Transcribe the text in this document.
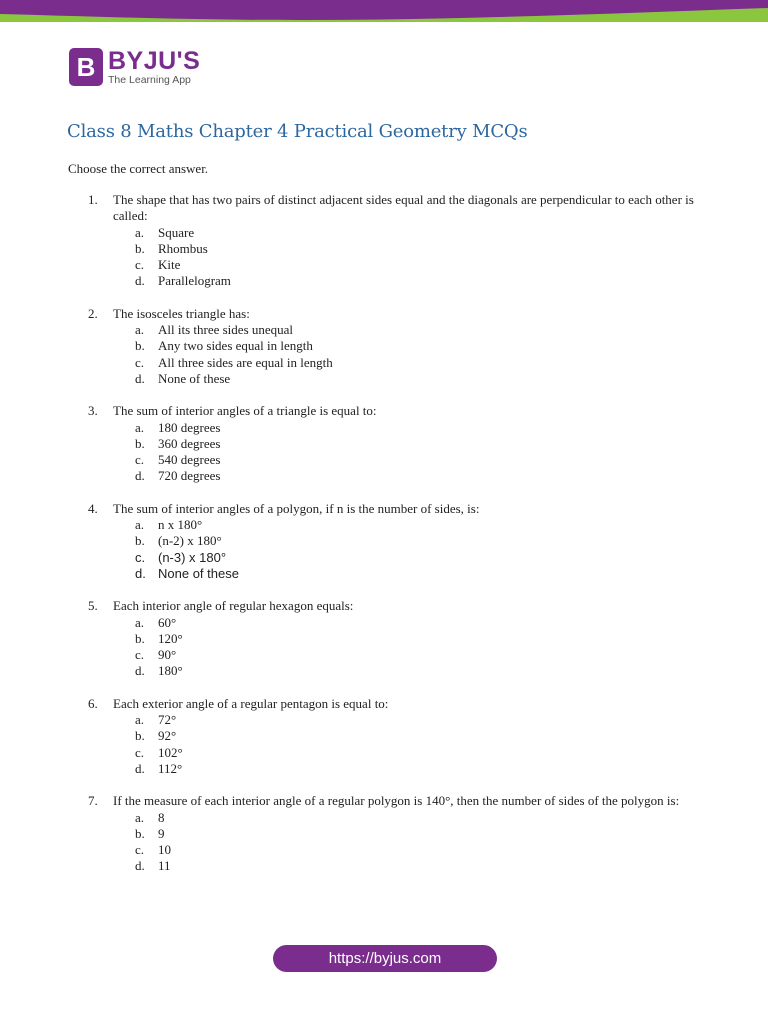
B BYJU'S
The Learning App
Class 8 Maths Chapter 4 Practical Geometry MCQs
Choose the correct answer.
1.	The shape that has two pairs of distinct adjacent sides equal and the diagonals are perpendicular to each other is called:
a.	Square
b.	Rhombus
c.	Kite
d.	Parallelogram
2.	The isosceles triangle has:
a.	All its three sides unequal
b.	Any two sides equal in length
c.	All three sides are equal in length
d.	None of these
3.	The sum of interior angles of a triangle is equal to:
a.	180 degrees
b.	360 degrees
c.	540 degrees
d.	720 degrees
4.	The sum of interior angles of a polygon, if n is the number of sides, is:
a.	n x 180°
b.	(n-2) x 180°
c. (n-3) x 180°
d. None of these
5.	Each interior angle of regular hexagon equals:
a.	60°
b.	120°
c.	90°
d.	180°
6.	Each exterior angle of a regular pentagon is equal to:
a.	72°
b.	92°
c.	102°
d.	112°
7.	If the measure of each interior angle of a regular polygon is 140°, then the number of sides of the polygon is:
a.	8
b.	9
c.	10
d.	11
https://byjus.com
